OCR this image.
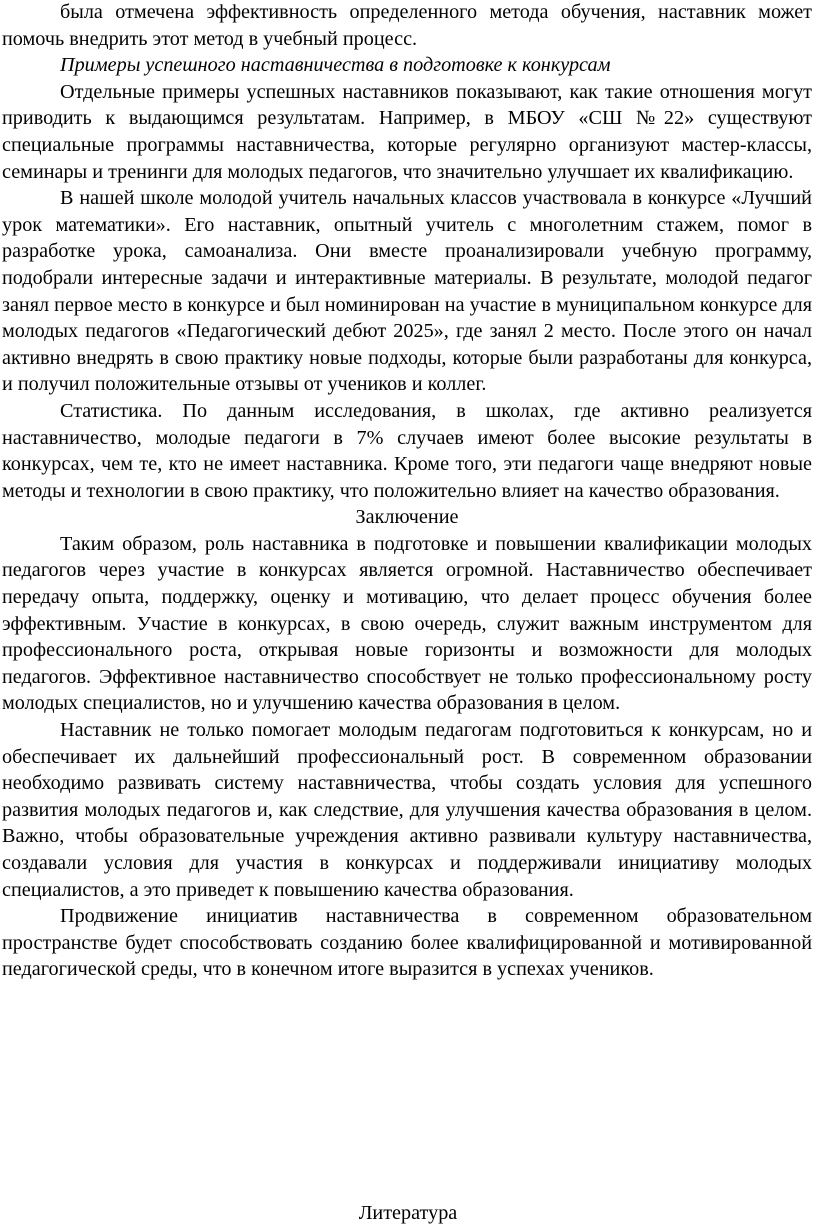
была отмечена эффективность определенного метода обучения, наставник может помочь внедрить этот метод в учебный процесс.

Примеры успешного наставничества в подготовке к конкурсам

Отдельные примеры успешных наставников показывают, как такие отношения могут приводить к выдающимся результатам. Например, в МБОУ «СШ №22» существуют специальные программы наставничества, которые регулярно организуют мастер-классы, семинары и тренинги для молодых педагогов, что значительно улучшает их квалификацию.

В нашей школе молодой учитель начальных классов участвовала в конкурсе «Лучший урок математики». Его наставник, опытный учитель с многолетним стажем, помог в разработке урока, самоанализа. Они вместе проанализировали учебную программу, подобрали интересные задачи и интерактивные материалы. В результате, молодой педагог занял первое место в конкурсе и был номинирован на участие в муниципальном конкурсе для молодых педагогов «Педагогический дебют 2025», где занял 2 место. После этого он начал активно внедрять в свою практику новые подходы, которые были разработаны для конкурса, и получил положительные отзывы от учеников и коллег.

Статистика. По данным исследования, в школах, где активно реализуется наставничество, молодые педагоги в 7% случаев имеют более высокие результаты в конкурсах, чем те, кто не имеет наставника. Кроме того, эти педагоги чаще внедряют новые методы и технологии в свою практику, что положительно влияет на качество образования.

Заключение

Таким образом, роль наставника в подготовке и повышении квалификации молодых педагогов через участие в конкурсах является огромной. Наставничество обеспечивает передачу опыта, поддержку, оценку и мотивацию, что делает процесс обучения более эффективным. Участие в конкурсах, в свою очередь, служит важным инструментом для профессионального роста, открывая новые горизонты и возможности для молодых педагогов. Эффективное наставничество способствует не только профессиональному росту молодых специалистов, но и улучшению качества образования в целом.

Наставник не только помогает молодым педагогам подготовиться к конкурсам, но и обеспечивает их дальнейший профессиональный рост. В современном образовании необходимо развивать систему наставничества, чтобы создать условия для успешного развития молодых педагогов и, как следствие, для улучшения качества образования в целом. Важно, чтобы образовательные учреждения активно развивали культуру наставничества, создавали условия для участия в конкурсах и поддерживали инициативу молодых специалистов, а это приведет к повышению качества образования.

Продвижение инициатив наставничества в современном образовательном пространстве будет способствовать созданию более квалифицированной и мотивированной педагогической среды, что в конечном итоге выразится в успехах учеников.

Литература
